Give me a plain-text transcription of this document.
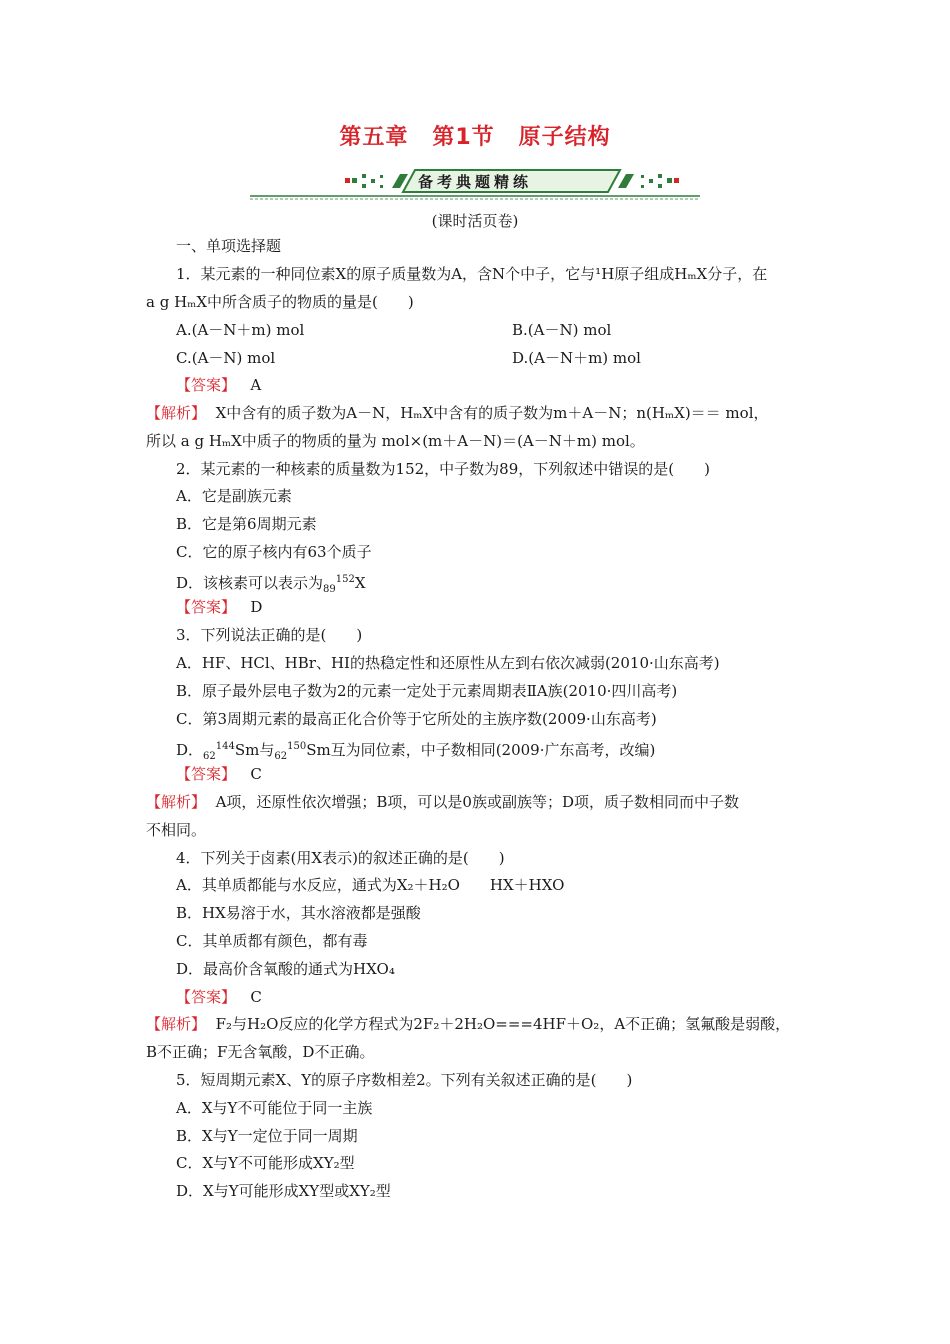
第五章 第1节 原子结构
备考典题精练
(课时活页卷)
一、单项选择题
1．某元素的一种同位素X的原子质量数为A，含N个中子，它与¹H原子组成HₘX分子，在
a g HₘX中所含质子的物质的量是(　　)
A.(A－N＋m) mol	B.(A－N) mol
C.(A－N) mol	D.(A－N＋m) mol
【答案】 A
【解析】 X中含有的质子数为A－N，HₘX中含有的质子数为m＋A－N；n(HₘX)＝＝ mol，
所以 a g HₘX中质子的物质的量为 mol×(m＋A－N)＝(A－N＋m) mol。
2．某元素的一种核素的质量数为152，中子数为89，下列叙述中错误的是(　　)
A．它是副族元素
B．它是第6周期元素
C．它的原子核内有63个质子
D．该核素可以表示为$_{89}^{152}$X
【答案】 D
3．下列说法正确的是(　　)
A．HF、HCl、HBr、HI的热稳定性和还原性从左到右依次减弱(2010·山东高考)
B．原子最外层电子数为2的元素一定处于元素周期表ⅡA族(2010·四川高考)
C．第3周期元素的最高正化合价等于它所处的主族序数(2009·山东高考)
D．$_{62}^{144}$Sm与$_{62}^{150}$Sm互为同位素，中子数相同(2009·广东高考，改编)
【答案】 C
【解析】 A项，还原性依次增强；B项，可以是0族或副族等；D项，质子数相同而中子数
不相同。
4．下列关于卤素(用X表示)的叙述正确的是(　　)
A．其单质都能与水反应，通式为X₂＋H₂O　　HX＋HXO
B．HX易溶于水，其水溶液都是强酸
C．其单质都有颜色，都有毒
D．最高价含氧酸的通式为HXO₄
【答案】 C
【解析】 F₂与H₂O反应的化学方程式为2F₂＋2H₂O===4HF＋O₂，A不正确；氢氟酸是弱酸，
B不正确；F无含氧酸，D不正确。
5．短周期元素X、Y的原子序数相差2。下列有关叙述正确的是(　　)
A．X与Y不可能位于同一主族
B．X与Y一定位于同一周期
C．X与Y不可能形成XY₂型
D．X与Y可能形成XY型或XY₂型
